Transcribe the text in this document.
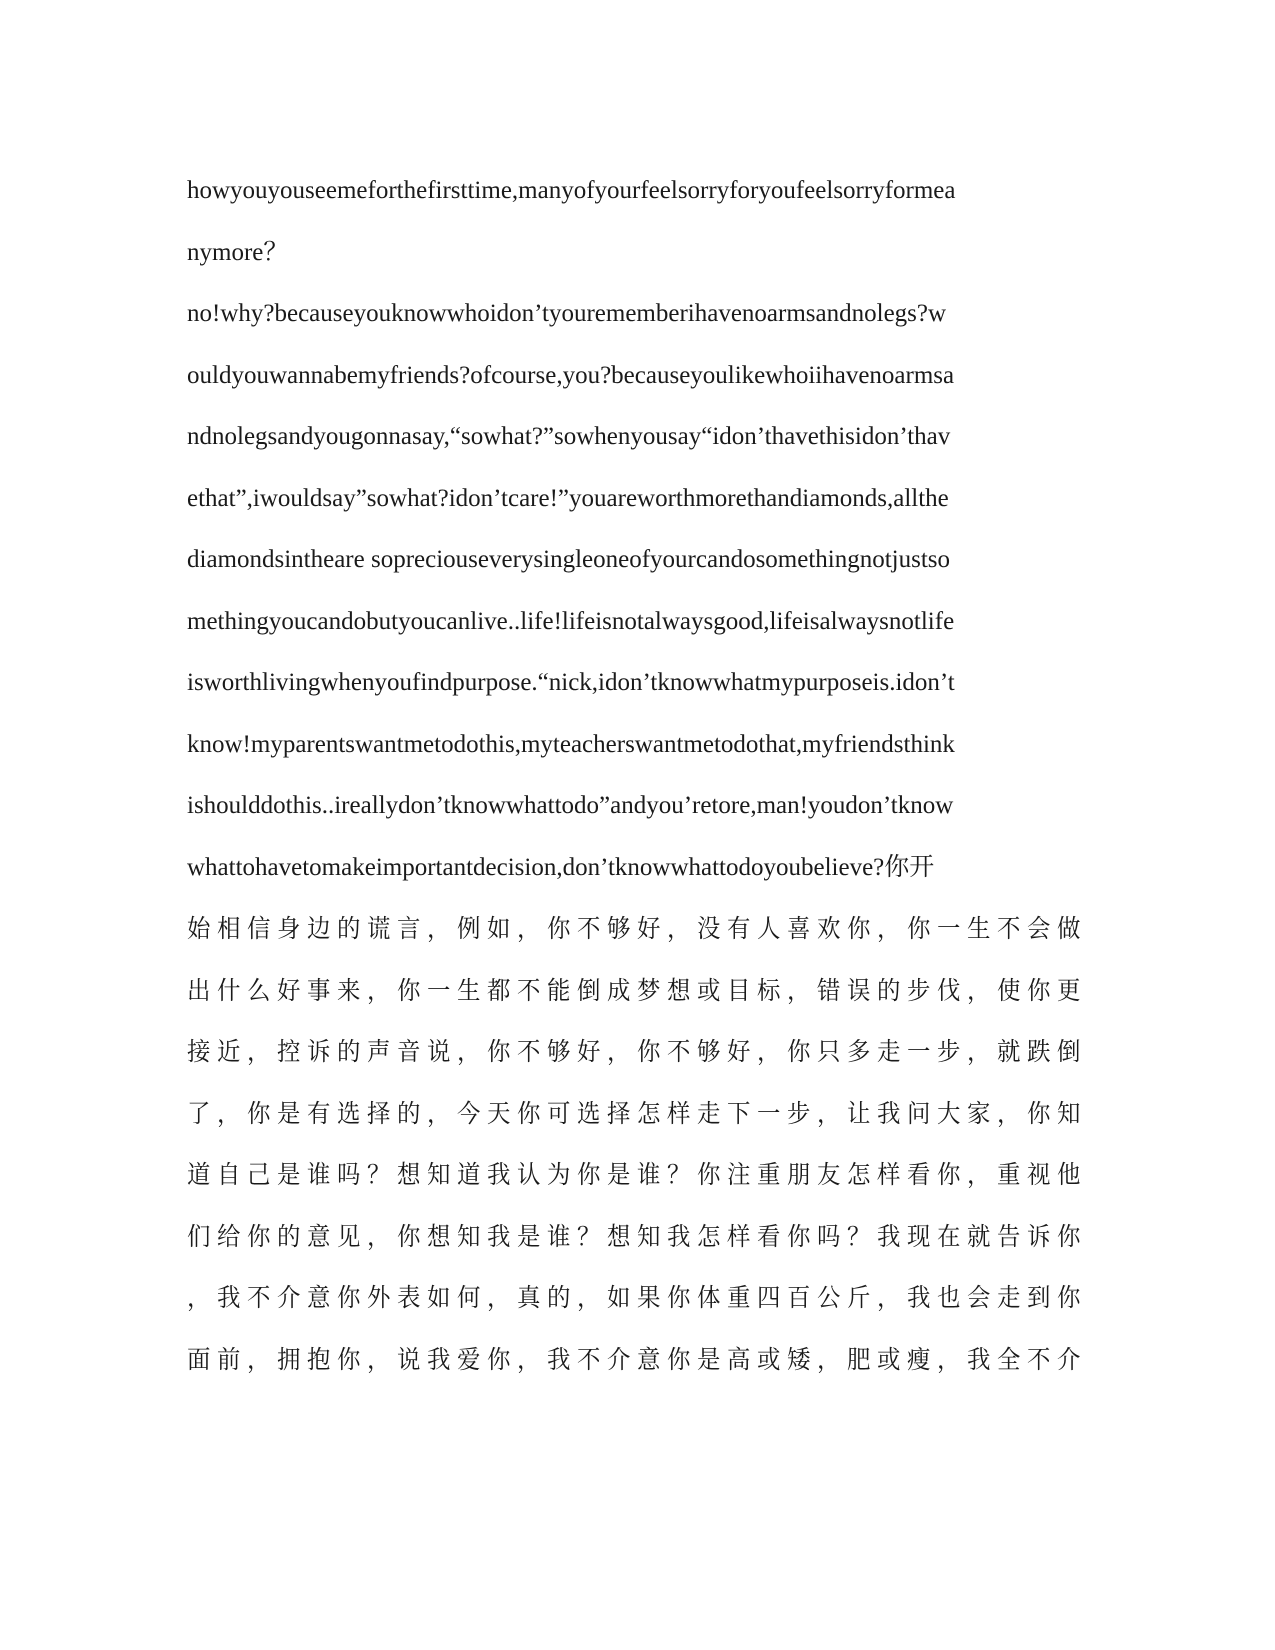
howyouyouseemeforthefirsttime,manyofyourfeelsorryforyoufeelsorryformea
nymore？
no!why?becauseyouknowwhoidon’tyourememberihavenoarmsandnolegs?w
ouldyouwannabemyfriends?ofcourse,you?becauseyoulikewhoiihavenoarmsa
ndnolegsandyougonnasay,“sowhat?”sowhenyousay“idon’thavethisidon’thav
ethat”,iwouldsay”sowhat?idon’tcare!”youareworthmorethandiamonds,allthe
diamondsintheare sopreciouseverysingleoneofyourcandosomethingnotjustso
methingyoucandobutyoucanlive..life!lifeisnotalwaysgood,lifeisalwaysnotlife
isworthlivingwhenyoufindpurpose.“nick,idon’tknowwhatmypurposeis.idon’t
know!myparentswantmetodothis,myteacherswantmetodothat,myfriendsthink
ishoulddothis..ireallydon’tknowwhattodo”andyou’retore,man!youdon’tknow
whattohavetomakeimportantdecision,don’tknowwhattodoyoubelieve?你开
始相信身边的谎言，例如，你不够好，没有人喜欢你，你一生不会做
出什么好事来，你一生都不能倒成梦想或目标，错误的步伐，使你更
接近，控诉的声音说，你不够好，你不够好，你只多走一步，就跌倒
了，你是有选择的，今天你可选择怎样走下一步，让我问大家，你知
道自己是谁吗？想知道我认为你是谁？你注重朋友怎样看你，重视他
们给你的意见，你想知我是谁？想知我怎样看你吗？我现在就告诉你
，我不介意你外表如何，真的，如果你体重四百公斤，我也会走到你
面前，拥抱你，说我爱你，我不介意你是高或矮，肥或瘦，我全不介
